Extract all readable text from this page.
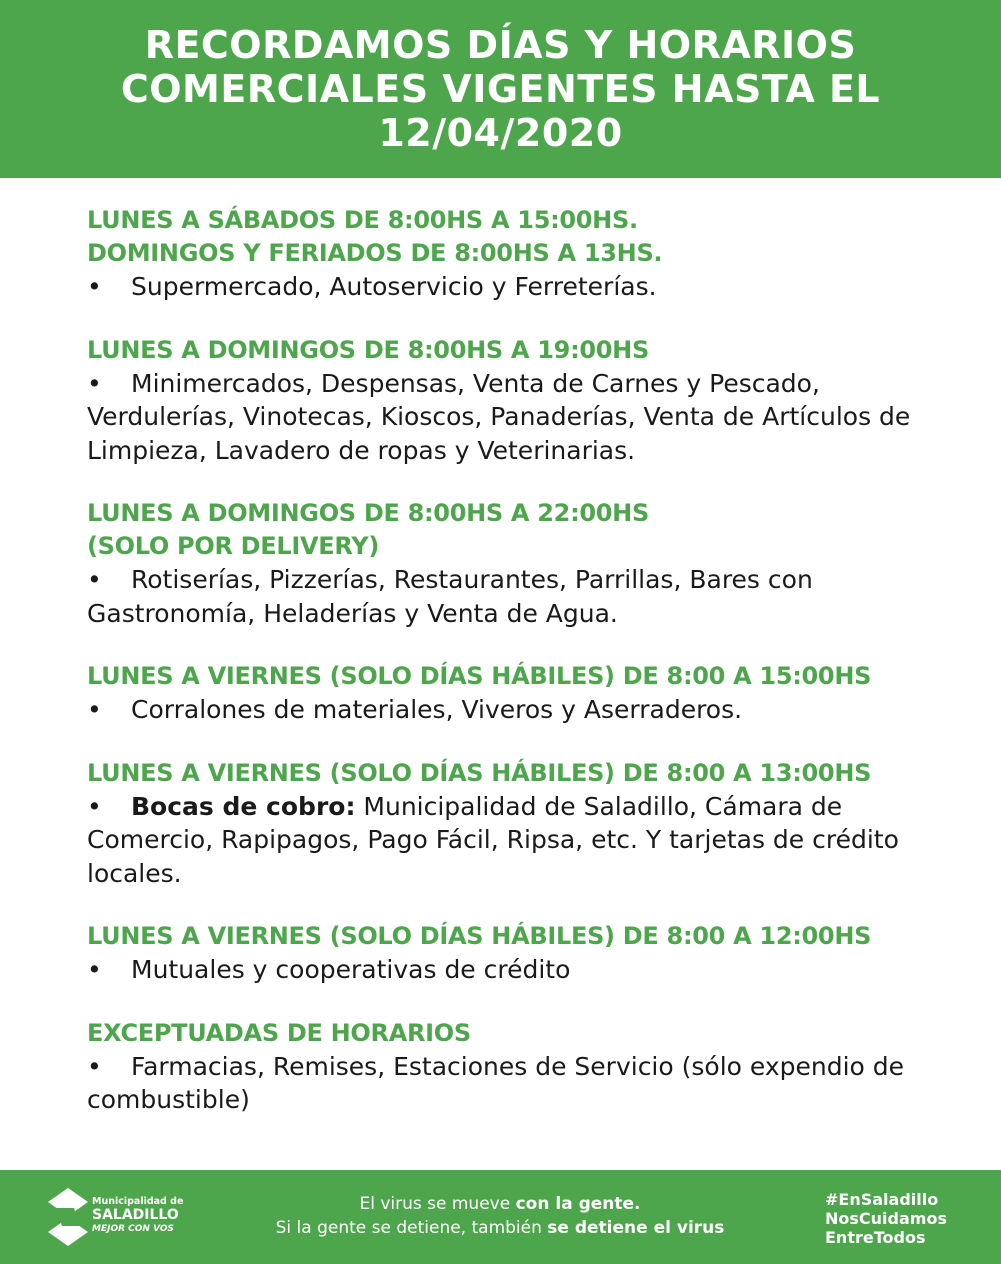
RECORDAMOS DÍAS Y HORARIOS
COMERCIALES VIGENTES HASTA EL
12/04/2020
LUNES A SÁBADOS DE 8:00HS A 15:00HS.
DOMINGOS Y FERIADOS DE 8:00HS A 13HS.
• Supermercado, Autoservicio y Ferreterías.
LUNES A DOMINGOS DE 8:00HS A 19:00HS
• Minimercados, Despensas, Venta de Carnes y Pescado, Verdulerías, Vinotecas, Kioscos, Panaderías, Venta de Artículos de Limpieza, Lavadero de ropas y Veterinarias.
LUNES A DOMINGOS DE 8:00HS A 22:00HS
(SOLO POR DELIVERY)
• Rotiserías, Pizzerías, Restaurantes, Parrillas, Bares con Gastronomía, Heladerías y Venta de Agua.
LUNES A VIERNES (SOLO DÍAS HÁBILES) DE 8:00 A 15:00HS
• Corralones de materiales, Viveros y Aserraderos.
LUNES A VIERNES (SOLO DÍAS HÁBILES) DE 8:00 A 13:00HS
• Bocas de cobro: Municipalidad de Saladillo, Cámara de Comercio, Rapipagos, Pago Fácil, Ripsa, etc. Y tarjetas de crédito locales.
LUNES A VIERNES (SOLO DÍAS HÁBILES) DE 8:00 A 12:00HS
• Mutuales y cooperativas de crédito
EXCEPTUADAS DE HORARIOS
• Farmacias, Remises, Estaciones de Servicio (sólo expendio de combustible)
Municipalidad de
SALADILLO
MEJOR CON VOS
El virus se mueve con la gente.
Si la gente se detiene, también se detiene el virus
#EnSaladillo
NosCuidamos
EntreTodos
